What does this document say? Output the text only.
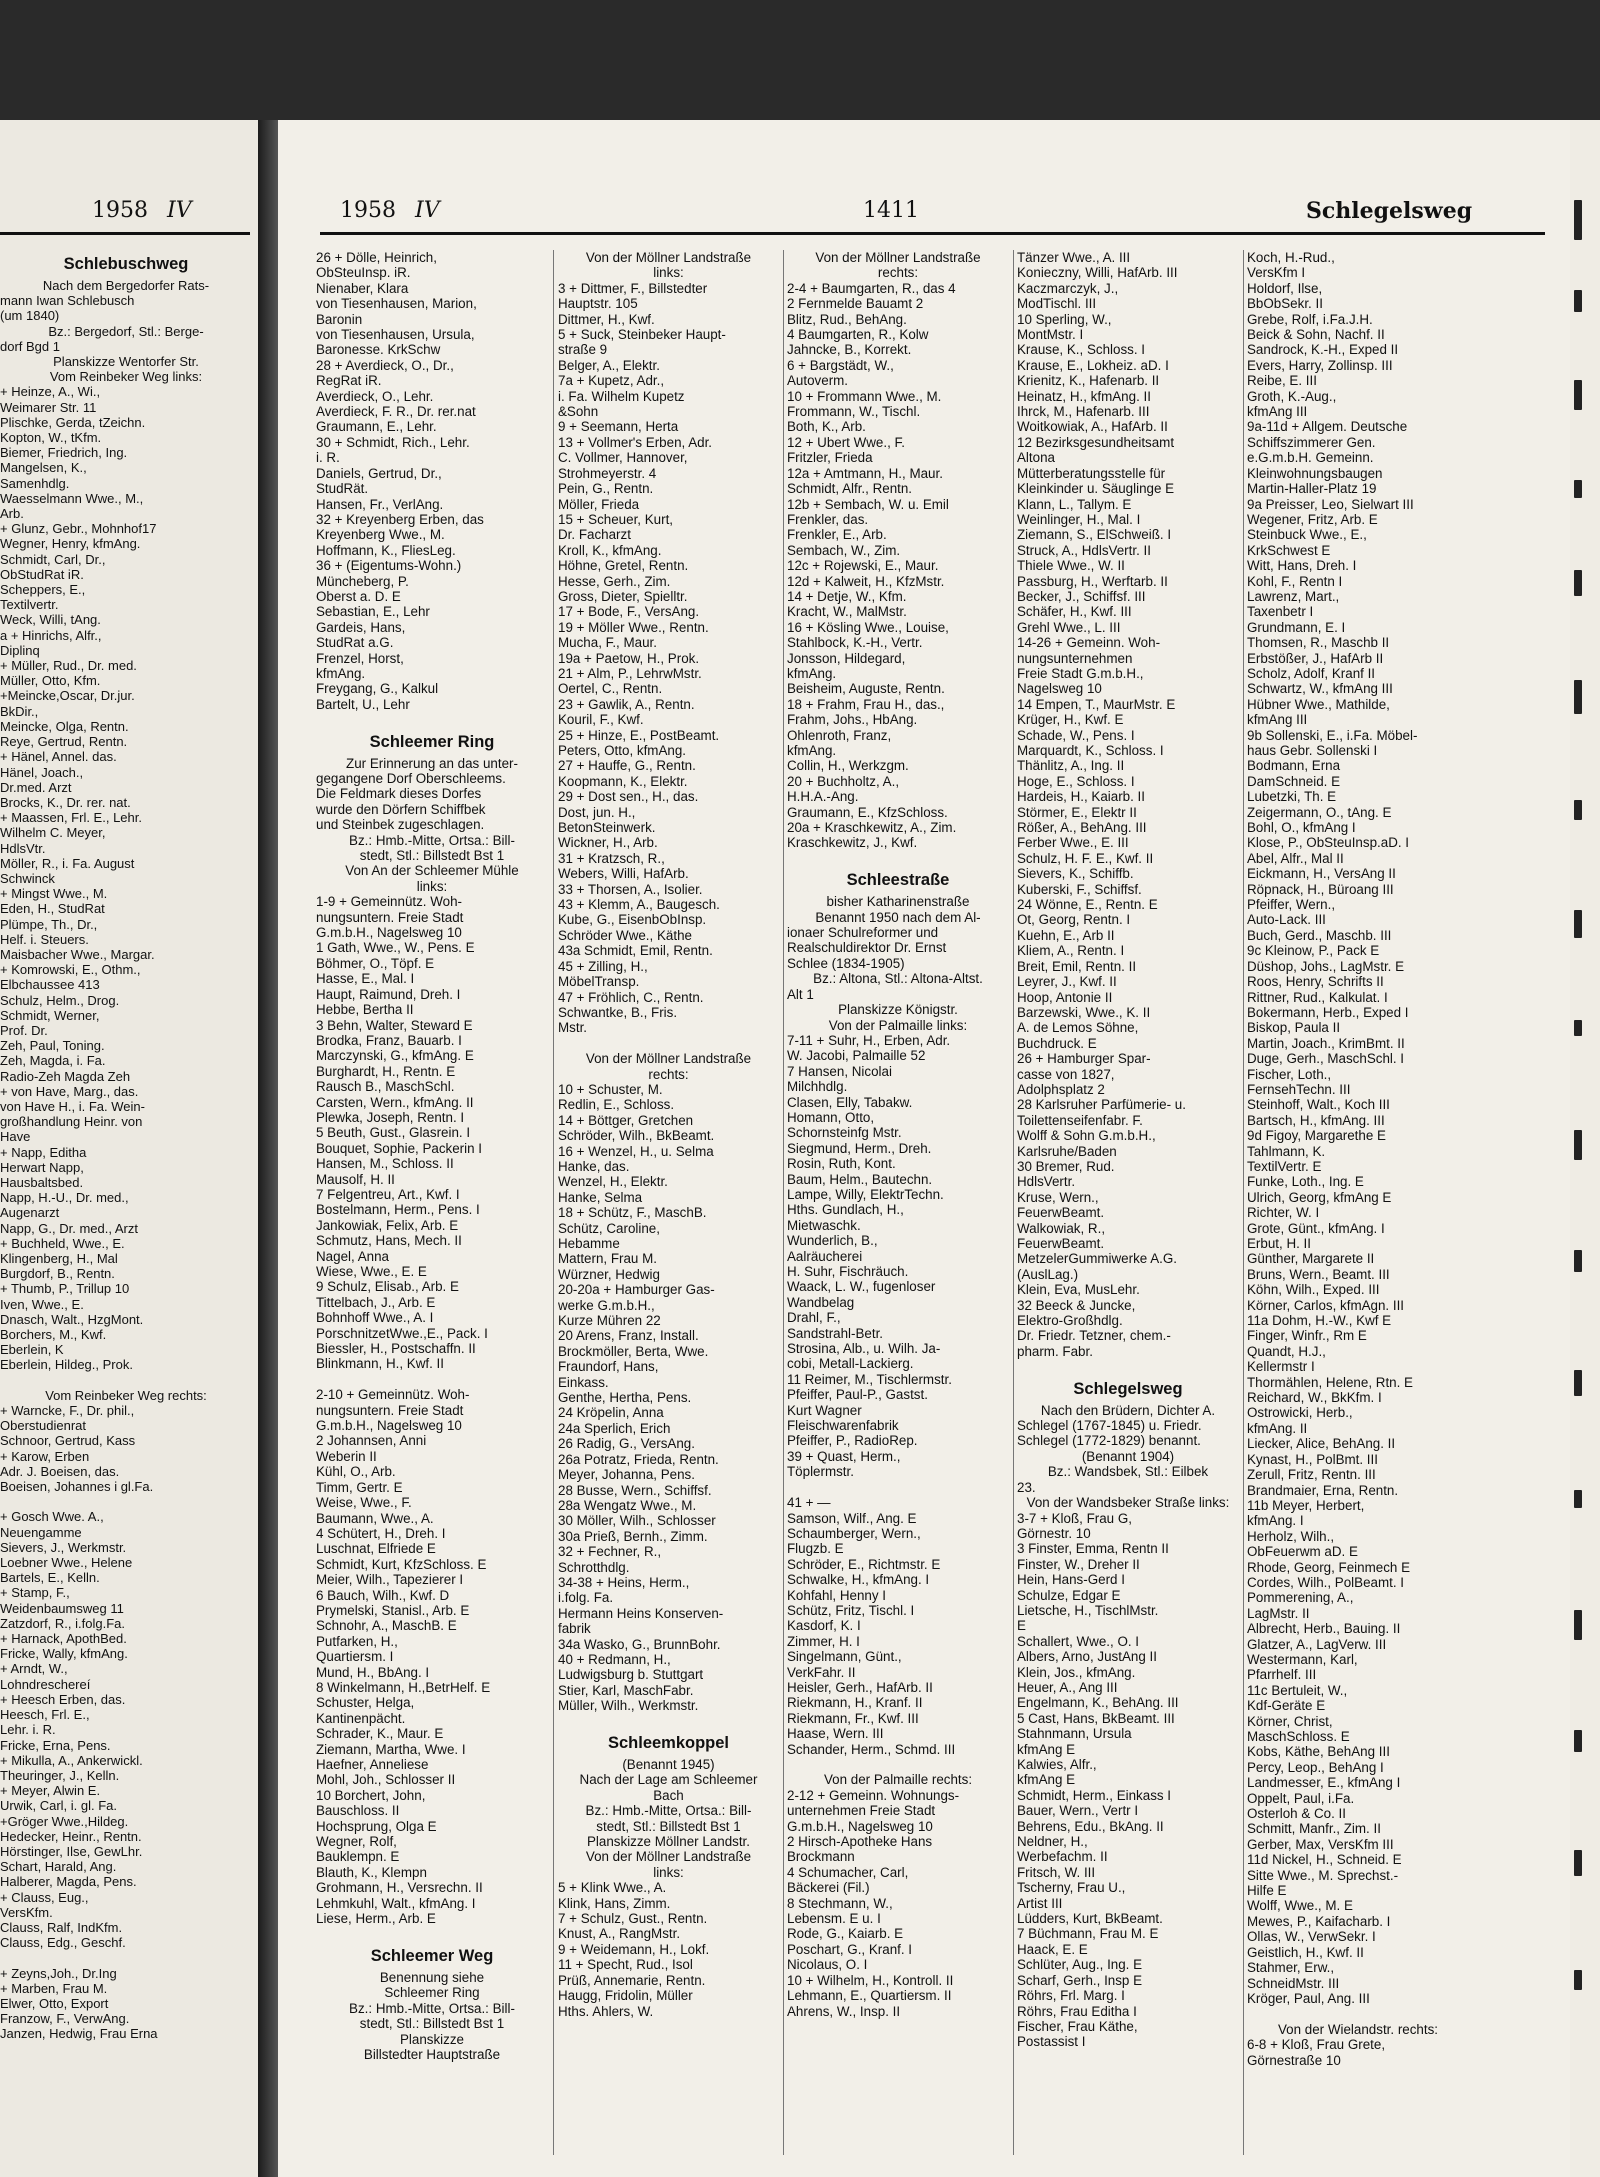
1958 IV
Schlebuschweg
Nach dem Bergedorfer Rats-
mann Iwan Schlebusch
(um 1840)
Bz.: Bergedorf, Stl.: Berge-
dorf Bgd 1
Planskizze Wentorfer Str.
Vom Reinbeker Weg links:
+ Heinze, A., Wi.,
Weimarer Str. 11
Plischke, Gerda, tZeichn.
Kopton, W., tKfm.
Biemer, Friedrich, Ing.
Mangelsen, K.,
Samenhdlg.
Waesselmann Wwe., M.,
Arb.
+ Glunz, Gebr., Mohnhof17
Wegner, Henry, kfmAng.
Schmidt, Carl, Dr.,
ObStudRat iR.
Scheppers, E.,
Textilvertr.
Weck, Willi, tAng.
a + Hinrichs, Alfr.,
Diplinq
+ Müller, Rud., Dr. med.
Müller, Otto, Kfm.
+Meincke,Oscar, Dr.jur.
BkDir.,
Meincke, Olga, Rentn.
Reye, Gertrud, Rentn.
+ Hänel, Annel. das.
Hänel, Joach.,
Dr.med. Arzt
Brocks, K., Dr. rer. nat.
+ Maassen, Frl. E., Lehr.
Wilhelm C. Meyer,
HdlsVtr.
Möller, R., i. Fa. August
Schwinck
+ Mingst Wwe., M.
Eden, H., StudRat
Plümpe, Th., Dr.,
Helf. i. Steuers.
Maisbacher Wwe., Margar.
+ Komrowski, E., Othm.,
Elbchaussee 413
Schulz, Helm., Drog.
Schmidt, Werner,
Prof. Dr.
Zeh, Paul, Toning.
Zeh, Magda, i. Fa.
Radio-Zeh Magda Zeh
+ von Have, Marg., das.
von Have H., i. Fa. Wein-
großhandlung Heinr. von
Have
+ Napp, Editha
Herwart Napp,
Hausbaltsbed.
Napp, H.-U., Dr. med.,
Augenarzt
Napp, G., Dr. med., Arzt
+ Buchheld, Wwe., E.
Klingenberg, H., Mal
Burgdorf, B., Rentn.
+ Thumb, P., Trillup 10
Iven, Wwe., E.
Dnasch, Walt., HzgMont.
Borchers, M., Kwf.
Eberlein, K
Eberlein, Hildeg., Prok.

Vom Reinbeker Weg rechts:
+ Warncke, F., Dr. phil.,
Oberstudienrat
Schnoor, Gertrud, Kass
+ Karow, Erben
Adr. J. Boeisen, das.
Boeisen, Johannes i gl.Fa.

+ Gosch Wwe. A.,
Neuengamme
Sievers, J., Werkmstr.
Loebner Wwe., Helene
Bartels, E., Kelln.
+ Stamp, F.,
Weidenbaumsweg 11
Zatzdorf, R., i.folg.Fa.
+ Harnack, ApothBed.
Fricke, Wally, kfmAng.
+ Arndt, W.,
Lohndreschereí
+ Heesch Erben, das.
Heesch, Frl. E.,
Lehr. i. R.
Fricke, Erna, Pens.
+ Mikulla, A., Ankerwickl.
Theuringer, J., Kelln.
+ Meyer, Alwin E.
Urwik, Carl, i. gl. Fa.
+Gröger Wwe.,Hildeg.
Hedecker, Heinr., Rentn.
Hörstinger, Ilse, GewLhr.
Schart, Harald, Ang.
Halberer, Magda, Pens.
+ Clauss, Eug.,
VersKfm.
Clauss, Ralf, IndKfm.
Clauss, Edg., Geschf.

+ Zeyns,Joh., Dr.Ing
+ Marben, Frau M.
Elwer, Otto, Export
Franzow, F., VerwAng.
Janzen, Hedwig, Frau Erna
1958 IV	1411	Schlegelsweg
26 + Dölle, Heinrich,
ObSteuInsp. iR.
Nienaber, Klara
von Tiesenhausen, Marion,
Baronin
von Tiesenhausen, Ursula,
Baronesse. KrkSchw
28 + Averdieck, O., Dr.,
RegRat iR.
Averdieck, O., Lehr.
Averdieck, F. R., Dr. rer.nat
Graumann, E., Lehr.
30 + Schmidt, Rich., Lehr.
i. R.
Daniels, Gertrud, Dr.,
StudRät.
Hansen, Fr., VerlAng.
32 + Kreyenberg Erben, das
Kreyenberg Wwe., M.
Hoffmann, K., FliesLeg.
36 + (Eigentums-Wohn.)
Müncheberg, P.
Oberst a. D. E
Sebastian, E., Lehr
Gardeis, Hans,
StudRat a.G.
Frenzel, Horst,
kfmAng.
Freygang, G., Kalkul
Bartelt, U., Lehr

Schleemer Ring
Zur Erinnerung an das unter-
gegangene Dorf Oberschleems.
Die Feldmark dieses Dorfes
wurde den Dörfern Schiffbek
und Steinbek zugeschlagen.
Bz.: Hmb.-Mitte, Ortsa.: Bill-
stedt, Stl.: Billstedt Bst 1
Von An der Schleemer Mühle
links:
1-9 + Gemeinnütz. Woh-
nungsuntern. Freie Stadt
G.m.b.H., Nagelsweg 10
1 Gath, Wwe., W., Pens. E
Böhmer, O., Töpf. E
Hasse, E., Mal. I
Haupt, Raimund, Dreh. I
Hebbe, Bertha II
3 Behn, Walter, Steward E
Brodka, Franz, Bauarb. I
Marczynski, G., kfmAng. E
Burghardt, H., Rentn. E
Rausch B., MaschSchl.
Carsten, Wern., kfmAng. II
Plewka, Joseph, Rentn. I
5 Beuth, Gust., Glasrein. I
Bouquet, Sophie, Packerin I
Hansen, M., Schloss. II
Mausolf, H. II
7 Felgentreu, Art., Kwf. I
Bostelmann, Herm., Pens. I
Jankowiak, Felix, Arb. E
Schmutz, Hans, Mech. II
Nagel, Anna
Wiese, Wwe., E. E
9 Schulz, Elisab., Arb. E
Tittelbach, J., Arb. E
Bohnhoff Wwe., A. I
PorschnitzetWwe.,E., Pack. I
Biessler, H., Postschaffn. II
Blinkmann, H., Kwf. II

2-10 + Gemeinnütz. Woh-
nungsuntern. Freie Stadt
G.m.b.H., Nagelsweg 10
2 Johannsen, Anni
Weberin II
Kühl, O., Arb.
Timm, Gertr. E
Weise, Wwe., F.
Baumann, Wwe., A.
4 Schütert, H., Dreh. I
Luschnat, Elfriede E
Schmidt, Kurt, KfzSchloss. E
Meier, Wilh., Tapezierer I
6 Bauch, Wilh., Kwf. D
Prymelski, Stanisl., Arb. E
Schnohr, A., MaschB. E
Putfarken, H.,
Quartiersm. I
Mund, H., BbAng. I
8 Winkelmann, H.,BetrHelf. E
Schuster, Helga,
Kantinenpächt.
Schrader, K., Maur. E
Ziemann, Martha, Wwe. I
Haefner, Anneliese
Mohl, Joh., Schlosser II
10 Borchert, John,
Bauschloss. II
Hochsprung, Olga E
Wegner, Rolf,
Bauklempn. E
Blauth, K., Klempn
Grohmann, H., Versrechn. II
Lehmkuhl, Walt., kfmAng. I
Liese, Herm., Arb. E

Schleemer Weg
Benennung siehe
Schleemer Ring
Bz.: Hmb.-Mitte, Ortsa.: Bill-
stedt, Stl.: Billstedt Bst 1
Planskizze
Billstedter Hauptstraße
Von der Möllner Landstraße
links:
3 + Dittmer, F., Billstedter
Hauptstr. 105
Dittmer, H., Kwf.
5 + Suck, Steinbeker Haupt-
straße 9
Belger, A., Elektr.
7a + Kupetz, Adr.,
i. Fa. Wilhelm Kupetz
&Sohn
9 + Seemann, Herta
13 + Vollmer's Erben, Adr.
C. Vollmer, Hannover,
Strohmeyerstr. 4
Pein, G., Rentn.
Möller, Frieda
15 + Scheuer, Kurt,
Dr. Facharzt
Kroll, K., kfmAng.
Höhne, Gretel, Rentn.
Hesse, Gerh., Zim.
Gross, Dieter, Spielltr.
17 + Bode, F., VersAng.
19 + Möller Wwe., Rentn.
Mucha, F., Maur.
19a + Paetow, H., Prok.
21 + Alm, P., LehrwMstr.
Oertel, C., Rentn.
23 + Gawlik, A., Rentn.
Kouril, F., Kwf.
25 + Hinze, E., PostBeamt.
Peters, Otto, kfmAng.
27 + Hauffe, G., Rentn.
Koopmann, K., Elektr.
29 + Dost sen., H., das.
Dost, jun. H.,
BetonSteinwerk.
Wickner, H., Arb.
31 + Kratzsch, R.,
Webers, Willi, HafArb.
33 + Thorsen, A., Isolier.
43 + Klemm, A., Baugesch.
Kube, G., EisenbObInsp.
Schröder Wwe., Käthe
43a Schmidt, Emil, Rentn.
45 + Zilling, H.,
MöbelTransp.
47 + Fröhlich, C., Rentn.
Schwantke, B., Fris.
Mstr.

Von der Möllner Landstraße
rechts:
10 + Schuster, M.
Redlin, E., Schloss.
14 + Böttger, Gretchen
Schröder, Wilh., BkBeamt.
16 + Wenzel, H., u. Selma
Hanke, das.
Wenzel, H., Elektr.
Hanke, Selma
18 + Schütz, F., MaschB.
Schütz, Caroline,
Hebamme
Mattern, Frau M.
Würzner, Hedwig
20-20a + Hamburger Gas-
werke G.m.b.H.,
Kurze Mühren 22
20 Arens, Franz, Install.
Brockmöller, Berta, Wwe.
Fraundorf, Hans,
Einkass.
Genthe, Hertha, Pens.
24 Kröpelin, Anna
24a Sperlich, Erich
26 Radig, G., VersAng.
26a Potratz, Frieda, Rentn.
Meyer, Johanna, Pens.
28 Busse, Wern., Schiffsf.
28a Wengatz Wwe., M.
30 Möller, Wilh., Schlosser
30a Prieß, Bernh., Zimm.
32 + Fechner, R.,
Schrotthdlg.
34-38 + Heins, Herm.,
i.folg. Fa.
Hermann Heins Konserven-
fabrik
34a Wasko, G., BrunnBohr.
40 + Redmann, H.,
Ludwigsburg b. Stuttgart
Stier, Karl, MaschFabr.
Müller, Wilh., Werkmstr.

Schleemkoppel
(Benannt 1945)
Nach der Lage am Schleemer
Bach
Bz.: Hmb.-Mitte, Ortsa.: Bill-
stedt, Stl.: Billstedt Bst 1
Planskizze Möllner Landstr.
Von der Möllner Landstraße
links:
5 + Klink Wwe., A.
Klink, Hans, Zimm.
7 + Schulz, Gust., Rentn.
Knust, A., RangMstr.
9 + Weidemann, H., Lokf.
11 + Specht, Rud., Isol
Prüß, Annemarie, Rentn.
Haugg, Fridolin, Müller
Hths. Ahlers, W.
Von der Möllner Landstraße
rechts:
2-4 + Baumgarten, R., das 4
2 Fernmelde Bauamt 2
Blitz, Rud., BehAng.
4 Baumgarten, R., Kolw
Jahncke, B., Korrekt.
6 + Bargstädt, W.,
Autoverm.
10 + Frommann Wwe., M.
Frommann, W., Tischl.
Both, K., Arb.
12 + Ubert Wwe., F.
Fritzler, Frieda
12a + Amtmann, H., Maur.
Schmidt, Alfr., Rentn.
12b + Sembach, W. u. Emil
Frenkler, das.
Frenkler, E., Arb.
Sembach, W., Zim.
12c + Rojewski, E., Maur.
12d + Kalweit, H., KfzMstr.
14 + Detje, W., Kfm.
Kracht, W., MalMstr.
16 + Kösling Wwe., Louise,
Stahlbock, K.-H., Vertr.
Jonsson, Hildegard,
kfmAng.
Beisheim, Auguste, Rentn.
18 + Frahm, Frau H., das.,
Frahm, Johs., HbAng.
Ohlenroth, Franz,
kfmAng.
Collin, H., Werkzgm.
20 + Buchholtz, A.,
H.H.A.-Ang.
Graumann, E., KfzSchloss.
20a + Kraschkewitz, A., Zim.
Kraschkewitz, J., Kwf.

Schleestraße
bisher Katharinenstraße
Benannt 1950 nach dem Al-
ionaer Schulreformer und
Realschuldirektor Dr. Ernst
Schlee (1834-1905)
Bz.: Altona, Stl.: Altona-Altst.
Alt 1
Planskizze Königstr.
Von der Palmaille links:
7-11 + Suhr, H., Erben, Adr.
W. Jacobi, Palmaille 52
7 Hansen, Nicolai
Milchhdlg.
Clasen, Elly, Tabakw.
Homann, Otto,
Schornsteinfg Mstr.
Siegmund, Herm., Dreh.
Rosin, Ruth, Kont.
Baum, Helm., Bautechn.
Lampe, Willy, ElektrTechn.
Hths. Gundlach, H.,
Mietwaschk.
Wunderlich, B.,
Aalräucherei
H. Suhr, Fischräuch.
Waack, L. W., fugenloser
Wandbelag
Drahl, F.,
Sandstrahl-Betr.
Strosina, Alb., u. Wilh. Ja-
cobi, Metall-Lackierg.
11 Reimer, M., Tischlermstr.
Pfeiffer, Paul-P., Gastst.
Kurt Wagner
Fleischwarenfabrik
Pfeiffer, P., RadioRep.
39 + Quast, Herm.,
Töplermstr.

41 + —
Samson, Wilf., Ang. E
Schaumberger, Wern.,
Flugzb. E
Schröder, E., Richtmstr. E
Schwalke, H., kfmAng. I
Kohfahl, Henny I
Schütz, Fritz, Tischl. I
Kasdorf, K. I
Zimmer, H. I
Singelmann, Günt.,
VerkFahr. II
Heisler, Gerh., HafArb. II
Riekmann, H., Kranf. II
Riekmann, Fr., Kwf. III
Haase, Wern. III
Schander, Herm., Schmd. III

Von der Palmaille rechts:
2-12 + Gemeinn. Wohnungs-
unternehmen Freie Stadt
G.m.b.H., Nagelsweg 10
2 Hirsch-Apotheke Hans
Brockmann
4 Schumacher, Carl,
Bäckerei (Fil.)
8 Stechmann, W.,
Lebensm. E u. I
Rode, G., Kaiarb. E
Poschart, G., Kranf. I
Nicolaus, O. I
10 + Wilhelm, H., Kontroll. II
Lehmann, E., Quartiersm. II
Ahrens, W., Insp. II
Tänzer Wwe., A. III
Konieczny, Willi, HafArb. III
Kaczmarczyk, J.,
ModTischl. III
10 Sperling, W.,
MontMstr. I
Krause, K., Schloss. I
Krause, E., Lokheiz. aD. I
Krienitz, K., Hafenarb. II
Heinatz, H., kfmAng. II
Ihrck, M., Hafenarb. III
Woitkowiak, A., HafArb. II
12 Bezirksgesundheitsamt
Altona
Mütterberatungsstelle für
Kleinkinder u. Säuglinge E
Klann, L., Tallym. E
Weinlinger, H., Mal. I
Ziemann, S., ElSchweiß. I
Struck, A., HdlsVertr. II
Thiele Wwe., W. II
Passburg, H., Werftarb. II
Becker, J., Schiffsf. III
Schäfer, H., Kwf. III
Grehl Wwe., L. III
14-26 + Gemeinn. Woh-
nungsunternehmen
Freie Stadt G.m.b.H.,
Nagelsweg 10
14 Empen, T., MaurMstr. E
Krüger, H., Kwf. E
Schade, W., Pens. I
Marquardt, K., Schloss. I
Thänlitz, A., Ing. II
Hoge, E., Schloss. I
Hardeis, H., Kaiarb. II
Störmer, E., Elektr II
Rößer, A., BehAng. III
Ferber Wwe., E. III
Schulz, H. F. E., Kwf. II
Sievers, K., Schiffb.
Kuberski, F., Schiffsf.
24 Wönne, E., Rentn. E
Ot, Georg, Rentn. I
Kuehn, E., Arb II
Kliem, A., Rentn. I
Breit, Emil, Rentn. II
Leyrer, J., Kwf. II
Hoop, Antonie II
Barzewski, Wwe., K. II
A. de Lemos Söhne,
Buchdruck. E
26 + Hamburger Spar-
casse von 1827,
Adolphsplatz 2
28 Karlsruher Parfümerie- u.
Toilettenseifenfabr. F.
Wolff & Sohn G.m.b.H.,
Karlsruhe/Baden
30 Bremer, Rud.
HdlsVertr.
Kruse, Wern.,
FeuerwBeamt.
Walkowiak, R.,
FeuerwBeamt.
MetzelerGummiwerke A.G.
(AuslLag.)
Klein, Eva, MusLehr.
32 Beeck & Juncke,
Elektro-Großhdlg.
Dr. Friedr. Tetzner, chem.-
pharm. Fabr.

Schlegelsweg
Nach den Brüdern, Dichter A.
Schlegel (1767-1845) u. Friedr.
Schlegel (1772-1829) benannt.
(Benannt 1904)
Bz.: Wandsbek, Stl.: Eilbek
23.
Von der Wandsbeker Straße links:
3-7 + Kloß, Frau G,
Görnestr. 10
3 Finster, Emma, Rentn II
Finster, W., Dreher II
Hein, Hans-Gerd I
Schulze, Edgar E
Lietsche, H., TischlMstr.
E
Schallert, Wwe., O. I
Albers, Arno, JustAng II
Klein, Jos., kfmAng.
Heuer, A., Ang III
Engelmann, K., BehAng. III
5 Cast, Hans, BkBeamt. III
Stahnmann, Ursula
kfmAng E
Kalwies, Alfr.,
kfmAng E
Schmidt, Herm., Einkass I
Bauer, Wern., Vertr I
Behrens, Edu., BkAng. II
Neldner, H.,
Werbefachm. II
Fritsch, W. III
Tscherny, Frau U.,
Artist III
Lüdders, Kurt, BkBeamt.
7 Büchmann, Frau M. E
Haack, E. E
Schlüter, Aug., Ing. E
Scharf, Gerh., Insp E
Röhrs, Frl. Marg. I
Röhrs, Frau Editha I
Fischer, Frau Käthe,
Postassist I
Koch, H.-Rud.,
VersKfm I
Holdorf, Ilse,
BbObSekr. II
Grebe, Rolf, i.Fa.J.H.
Beick & Sohn, Nachf. II
Sandrock, K.-H., Exped II
Evers, Harry, Zollinsp. III
Reibe, E. III
Groth, K.-Aug.,
kfmAng III
9a-11d + Allgem. Deutsche
Schiffszimmerer Gen.
e.G.m.b.H. Gemeinn.
Kleinwohnungsbaugen
Martin-Haller-Platz 19
9a Preisser, Leo, Sielwart III
Wegener, Fritz, Arb. E
Steinbuck Wwe., E.,
KrkSchwest E
Witt, Hans, Dreh. I
Kohl, F., Rentn I
Lawrenz, Mart.,
Taxenbetr I
Grundmann, E. I
Thomsen, R., Maschb II
Erbstößer, J., HafArb II
Scholz, Adolf, Kranf II
Schwartz, W., kfmAng III
Hübner Wwe., Mathilde,
kfmAng III
9b Sollenski, E., i.Fa. Möbel-
haus Gebr. Sollenski I
Bodmann, Erna
DamSchneid. E
Lubetzki, Th. E
Zeigermann, O., tAng. E
Bohl, O., kfmAng I
Klose, P., ObSteuInsp.aD. I
Abel, Alfr., Mal II
Eickmann, H., VersAng II
Röpnack, H., Büroang III
Pfeiffer, Wern.,
Auto-Lack. III
Buch, Gerd., Maschb. III
9c Kleinow, P., Pack E
Düshop, Johs., LagMstr. E
Roos, Henry, Schrifts II
Rittner, Rud., Kalkulat. I
Bokermann, Herb., Exped I
Biskop, Paula II
Martin, Joach., KrimBmt. II
Duge, Gerh., MaschSchl. I
Fischer, Loth.,
FernsehTechn. III
Steinhoff, Walt., Koch III
Bartsch, H., kfmAng. III
9d Figoy, Margarethe E
Tahlmann, K.
TextilVertr. E
Funke, Loth., Ing. E
Ulrich, Georg, kfmAng E
Richter, W. I
Grote, Günt., kfmAng. I
Erbut, H. II
Günther, Margarete II
Bruns, Wern., Beamt. III
Köhn, Wilh., Exped. III
Körner, Carlos, kfmAgn. III
11a Dohm, H.-W., Kwf E
Finger, Winfr., Rm E
Quandt, H.J.,
Kellermstr I
Thormählen, Helene, Rtn. E
Reichard, W., BkKfm. I
Ostrowicki, Herb.,
kfmAng. II
Liecker, Alice, BehAng. II
Kynast, H., PolBmt. III
Zerull, Fritz, Rentn. III
Brandmaier, Erna, Rentn.
11b Meyer, Herbert,
kfmAng. I
Herholz, Wilh.,
ObFeuerwm aD. E
Rhode, Georg, Feinmech E
Cordes, Wilh., PolBeamt. I
Pommerening, A.,
LagMstr. II
Albrecht, Herb., Bauing. II
Glatzer, A., LagVerw. III
Westermann, Karl,
Pfarrhelf. III
11c Bertuleit, W.,
Kdf-Geräte E
Körner, Christ,
MaschSchloss. E
Kobs, Käthe, BehAng III
Percy, Leop., BehAng I
Landmesser, E., kfmAng I
Oppelt, Paul, i.Fa.
Osterloh & Co. II
Schmitt, Manfr., Zim. II
Gerber, Max, VersKfm III
11d Nickel, H., Schneid. E
Sitte Wwe., M. Sprechst.-
Hilfe E
Wolff, Wwe., M. E
Mewes, P., Kaifacharb. I
Ollas, W., VerwSekr. I
Geistlich, H., Kwf. II
Stahmer, Erw.,
SchneidMstr. III
Kröger, Paul, Ang. III

Von der Wielandstr. rechts:
6-8 + Kloß, Frau Grete,
Görnestraße 10
